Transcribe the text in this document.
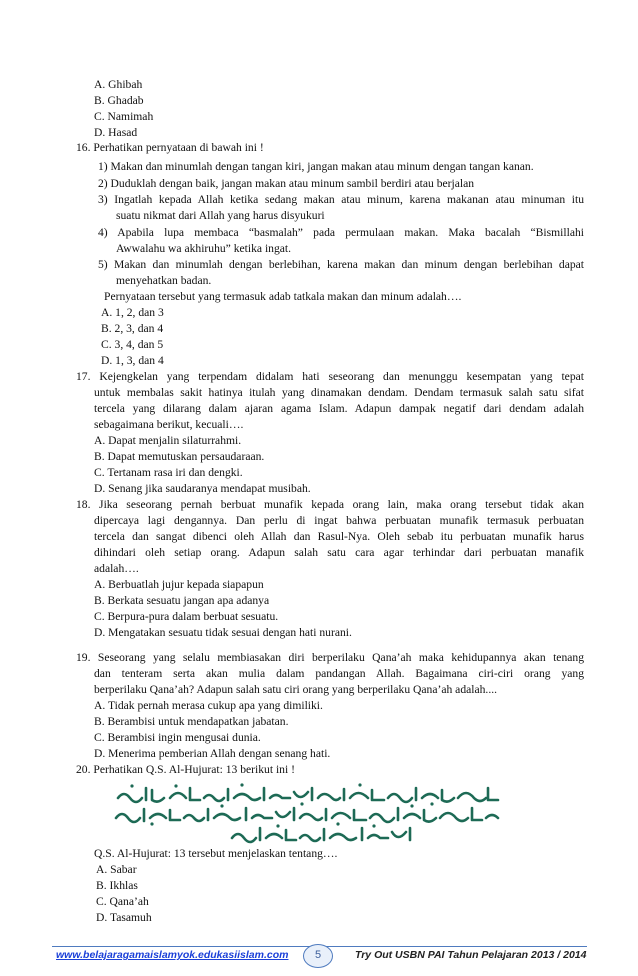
A. Ghibah
B. Ghadab
C. Namimah
D. Hasad
16. Perhatikan pernyataan di bawah ini !
1) Makan dan minumlah dengan tangan kiri, jangan makan atau minum dengan tangan kanan.
2) Duduklah dengan baik, jangan makan atau minum sambil berdiri atau berjalan
3) Ingatlah kepada Allah ketika sedang makan atau minum, karena makanan atau minuman itu
suatu nikmat dari Allah yang harus disyukuri
4) Apabila lupa membaca “basmalah” pada permulaan makan. Maka bacalah “Bismillahi
Awwalahu wa akhiruhu” ketika ingat.
5) Makan dan minumlah dengan berlebihan, karena makan dan minum dengan berlebihan dapat
menyehatkan badan.
Pernyataan tersebut yang termasuk adab tatkala makan dan minum adalah….
A. 1, 2, dan 3
B. 2, 3, dan 4
C. 3, 4, dan 5
D. 1, 3, dan 4
17. Kejengkelan yang terpendam didalam hati seseorang dan menunggu kesempatan yang tepat
untuk membalas sakit hatinya itulah yang dinamakan dendam. Dendam termasuk salah satu sifat
tercela yang dilarang dalam ajaran agama Islam. Adapun dampak negatif dari dendam adalah
sebagaimana berikut, kecuali….
A. Dapat menjalin silaturrahmi.
B. Dapat memutuskan persaudaraan.
C. Tertanam rasa iri dan dengki.
D. Senang jika saudaranya mendapat musibah.
18. Jika seseorang pernah berbuat munafik kepada orang lain, maka orang tersebut tidak akan
dipercaya lagi dengannya. Dan perlu di ingat bahwa perbuatan munafik termasuk perbuatan
tercela dan sangat dibenci oleh Allah dan Rasul-Nya. Oleh sebab itu perbuatan munafik harus
dihindari oleh setiap orang. Adapun salah satu cara agar terhindar dari perbuatan manafik
adalah….
A. Berbuatlah jujur kepada siapapun
B. Berkata sesuatu jangan apa adanya
C. Berpura-pura dalam berbuat sesuatu.
D. Mengatakan sesuatu tidak sesuai dengan hati nurani.
19. Seseorang yang selalu membiasakan diri berperilaku Qana’ah maka kehidupannya akan tenang
dan tenteram serta akan mulia dalam pandangan Allah. Bagaimana ciri-ciri orang yang
berperilaku Qana’ah? Adapun salah satu ciri orang yang berperilaku Qana’ah adalah....
A. Tidak pernah merasa cukup apa yang dimiliki.
B. Berambisi untuk mendapatkan jabatan.
C. Berambisi ingin mengusai dunia.
D. Menerima pemberian Allah dengan senang hati.
20. Perhatikan Q.S. Al-Hujurat: 13 berikut ini !
Q.S. Al-Hujurat: 13 tersebut menjelaskan tentang….
A. Sabar
B. Ikhlas
C. Qana’ah
D. Tasamuh
www.belajaragamaislamyok.edukasiislam.com	5	Try Out USBN PAI Tahun Pelajaran 2013 / 2014
